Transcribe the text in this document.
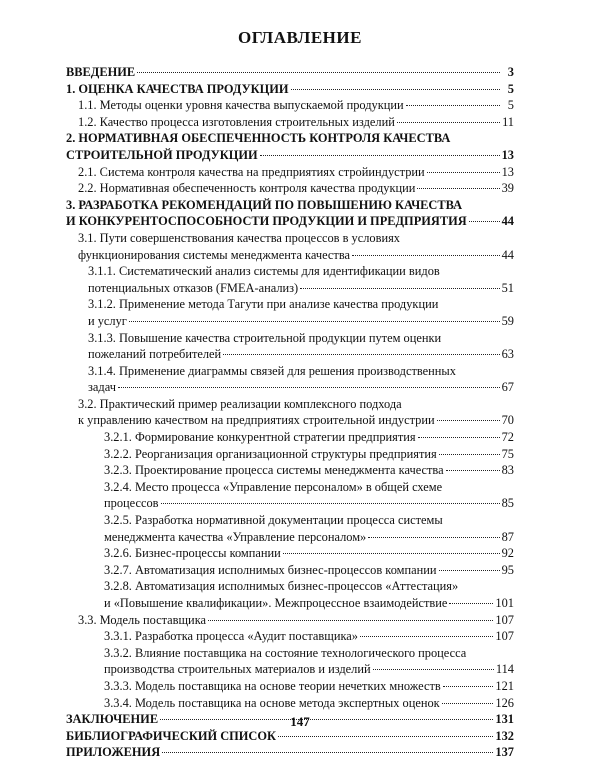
ОГЛАВЛЕНИЕ
ВВЕДЕНИЕ	3
1. ОЦЕНКА КАЧЕСТВА ПРОДУКЦИИ	5
1.1. Методы оценки уровня качества выпускаемой продукции	5
1.2. Качество процесса изготовления строительных изделий	11
2. НОРМАТИВНАЯ ОБЕСПЕЧЕННОСТЬ КОНТРОЛЯ КАЧЕСТВА
СТРОИТЕЛЬНОЙ ПРОДУКЦИИ	13
2.1. Система контроля качества на предприятиях стройиндустрии	13
2.2. Нормативная обеспеченность контроля качества продукции	39
3. РАЗРАБОТКА РЕКОМЕНДАЦИЙ ПО ПОВЫШЕНИЮ КАЧЕСТВА
И КОНКУРЕНТОСПОСОБНОСТИ ПРОДУКЦИИ И ПРЕДПРИЯТИЯ	44
3.1. Пути совершенствования качества процессов в условиях
функционирования системы менеджмента качества	44
3.1.1. Систематический анализ системы для идентификации видов
потенциальных отказов (FMEA-анализ)	51
3.1.2. Применение метода Тагути при анализе качества продукции
и услуг	59
3.1.3. Повышение качества строительной продукции путем оценки
пожеланий потребителей	63
3.1.4. Применение диаграммы связей для решения производственных
задач	67
3.2. Практический пример реализации комплексного подхода
к управлению качеством на предприятиях строительной индустрии	70
3.2.1. Формирование конкурентной стратегии предприятия	72
3.2.2. Реорганизация организационной структуры предприятия	75
3.2.3. Проектирование процесса системы менеджмента качества	83
3.2.4. Место процесса «Управление персоналом» в общей схеме
процессов	85
3.2.5. Разработка нормативной документации процесса системы
менеджмента качества «Управление персоналом»	87
3.2.6. Бизнес-процессы компании	92
3.2.7. Автоматизация исполнимых бизнес-процессов компании	95
3.2.8. Автоматизация исполнимых бизнес-процессов «Аттестация»
и «Повышение квалификации». Межпроцессное взаимодействие	101
3.3. Модель поставщика	107
3.3.1. Разработка процесса «Аудит поставщика»	107
3.3.2. Влияние поставщика на состояние технологического процесса
производства строительных материалов и изделий	114
3.3.3. Модель поставщика на основе теории нечетких множеств	121
3.3.4. Модель поставщика на основе метода экспертных оценок	126
ЗАКЛЮЧЕНИЕ	131
БИБЛИОГРАФИЧЕСКИЙ СПИСОК	132
ПРИЛОЖЕНИЯ	137
147
